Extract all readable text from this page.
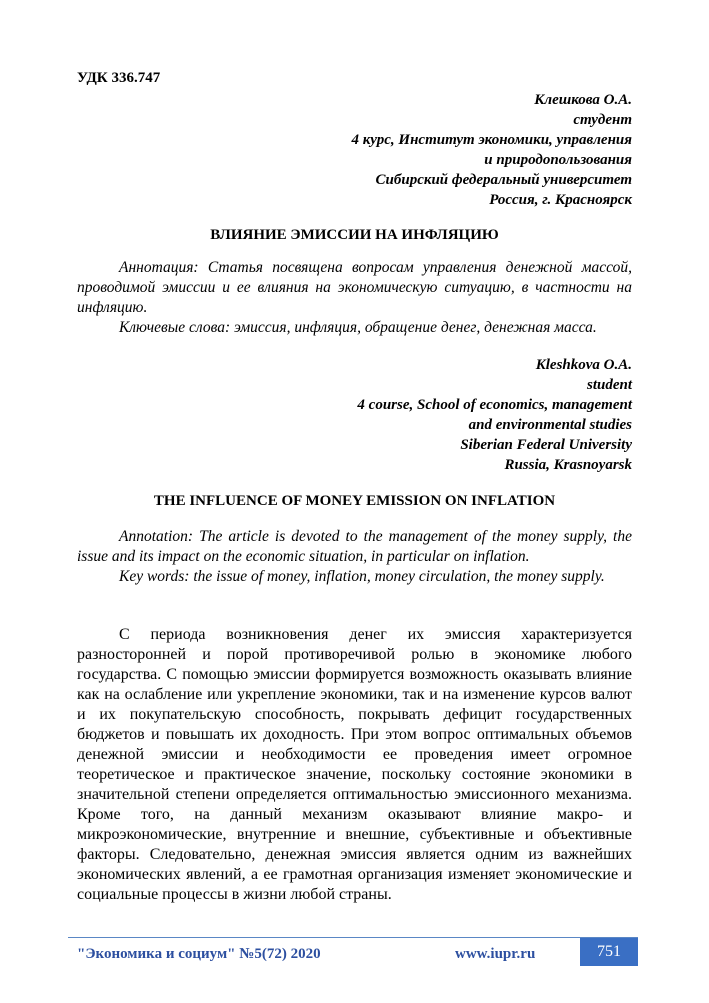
УДК 336.747
Клешкова О.А.
студент
4 курс, Институт экономики, управления
и природопользования
Сибирский федеральный университет
Россия, г. Красноярск
ВЛИЯНИЕ ЭМИССИИ НА ИНФЛЯЦИЮ

Аннотация: Статья посвящена вопросам управления денежной массой, проводимой эмиссии и ее влияния на экономическую ситуацию, в частности на инфляцию.

Ключевые слова: эмиссия, инфляция, обращение денег, денежная масса.

Kleshkova O.A.
student
4 course, School of economics, management
and environmental studies
Siberian Federal University
Russia, Krasnoyarsk
THE INFLUENCE OF MONEY EMISSION ON INFLATION

Annotation: The article is devoted to the management of the money supply, the issue and its impact on the economic situation, in particular on inflation.

Key words: the issue of money, inflation, money circulation, the money supply.

С периода возникновения денег их эмиссия характеризуется разносторонней и порой противоречивой ролью в экономике любого государства. С помощью эмиссии формируется возможность оказывать влияние как на ослабление или укрепление экономики, так и на изменение курсов валют и их покупательскую способность, покрывать дефицит государственных бюджетов и повышать их доходность. При этом вопрос оптимальных объемов денежной эмиссии и необходимости ее проведения имеет огромное теоретическое и практическое значение, поскольку состояние экономики в значительной степени определяется оптимальностью эмиссионного механизма. Кроме того, на данный механизм оказывают влияние макро- и микроэкономические, внутренние и внешние, субъективные и объективные факторы. Следовательно, денежная эмиссия является одним из важнейших экономических явлений, а ее грамотная организация изменяет экономические и социальные процессы в жизни любой страны.

"Экономика и социум" №5(72) 2020	www.iupr.ru	751
